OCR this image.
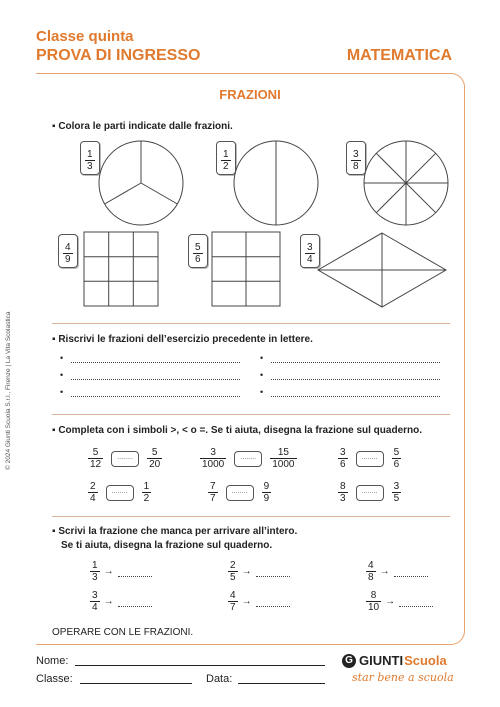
Classe quinta
PROVA DI INGRESSO	MATEMATICA
FRAZIONI
© 2024 Giunti Scuola S.r.l., Firenze | La Vita Scolastica
▪ Colora le parti indicate dalle frazioni.
$\frac{1}{3}$	$\frac{1}{2}$	$\frac{3}{8}$
$\frac{4}{9}$	$\frac{5}{6}$	$\frac{3}{4}$
▪ Riscrivi le frazioni dell’esercizio precedente in lettere.
•	•
•	•
•	•
▪ Completa con i simboli >, < o =. Se ti aiuta, disegna la frazione sul quaderno.
$\frac{5}{12}$	........	$\frac{5}{20}$	$\frac{3}{1000}$	........	$\frac{15}{1000}$	$\frac{3}{6}$	........	$\frac{5}{6}$
$\frac{2}{4}$	........	$\frac{1}{2}$	$\frac{7}{7}$	........	$\frac{9}{9}$	$\frac{8}{3}$	........	$\frac{3}{5}$
▪ Scrivi la frazione che manca per arrivare all’intero.
Se ti aiuta, disegna la frazione sul quaderno.
$\frac{1}{3}$ →	$\frac{2}{5}$ →	$\frac{4}{8}$ →
$\frac{3}{4}$ →	$\frac{4}{7}$ →	$\frac{8}{10}$ →
OPERARE CON LE FRAZIONI.
Nome:
Classe:	Data:
G GIUNTI Scuola
star bene a scuola
